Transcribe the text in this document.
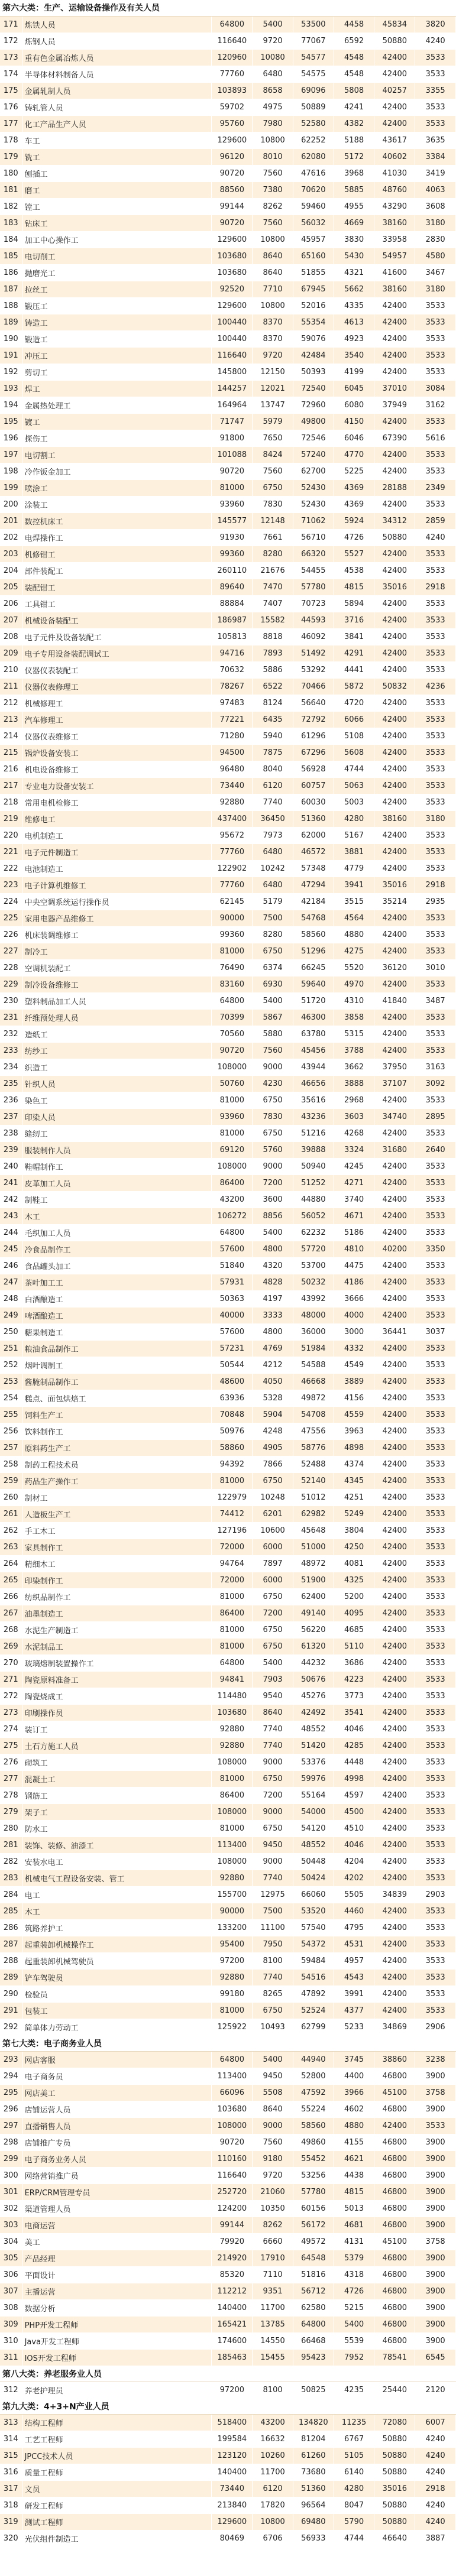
第六大类：生产、运输设备操作及有关人员							
171	炼铁人员	64800	5400	53500	4458	45834	3820
172	炼钢人员	116640	9720	77067	6592	50880	4240
173	重有色金属冶炼人员	120960	10080	54577	4548	42400	3533
174	半导体材料制备人员	77760	6480	54575	4548	42400	3533
175	金属轧制人员	103893	8658	69096	5808	40257	3355
176	铸轧管人员	59702	4975	50889	4241	42400	3533
177	化工产品生产人员	95760	7980	52580	4382	42400	3533
178	车工	129600	10800	62252	5188	43617	3635
179	铣工	96120	8010	62080	5172	40602	3384
180	刨插工	90720	7560	47616	3968	41030	3419
181	磨工	88560	7380	70620	5885	48760	4063
182	镗工	99144	8262	59460	4955	43290	3608
183	钻床工	90720	7560	56032	4669	38160	3180
184	加工中心操作工	129600	10800	45957	3830	33958	2830
185	电切削工	103680	8640	65160	5430	54957	4580
186	抛磨光工	103680	8640	51855	4321	41600	3467
187	拉丝工	92520	7710	67945	5662	38160	3180
188	锻压工	129600	10800	52016	4335	42400	3533
189	铸造工	100440	8370	55354	4613	42400	3533
190	锻造工	100440	8370	59076	4923	42400	3533
191	冲压工	116640	9720	42484	3540	42400	3533
192	剪切工	145800	12150	50393	4199	42400	3533
193	焊工	144257	12021	72540	6045	37010	3084
194	金属热处理工	164964	13747	72960	6080	37949	3162
195	镀工	71747	5979	49800	4150	42400	3533
196	探伤工	91800	7650	72546	6046	67390	5616
197	电切割工	101088	8424	57240	4770	42400	3533
198	冷作钣金加工	90720	7560	62700	5225	42400	3533
199	喷涂工	81000	6750	52430	4369	28188	2349
200	涂装工	93960	7830	52430	4369	42400	3533
201	数控机床工	145577	12148	71062	5924	34312	2859
202	电焊操作工	91930	7661	56710	4726	50880	4240
203	机修钳工	99360	8280	66320	5527	42400	3533
204	部件装配工	260110	21676	54455	4538	42400	3533
205	装配钳工	89640	7470	57780	4815	35016	2918
206	工具钳工	88884	7407	70723	5894	42400	3533
207	机械设备装配工	186987	15582	44593	3716	42400	3533
208	电子元件及设备装配工	105813	8818	46092	3841	42400	3533
209	电子专用设备装配调试工	94716	7893	51492	4291	42400	3533
210	仪器仪表装配工	70632	5886	53292	4441	42400	3533
211	仪器仪表修理工	78267	6522	70466	5872	50832	4236
212	机械修理工	97483	8124	56640	4720	42400	3533
213	汽车修理工	77221	6435	72792	6066	42400	3533
214	仪器仪表维修工	71280	5940	61296	5108	42400	3533
215	锅炉设备安装工	94500	7875	67296	5608	42400	3533
216	机电设备维修工	96480	8040	56928	4744	42400	3533
217	专业电力设备安装工	73440	6120	60757	5063	42400	3533
218	常用电机检修工	92880	7740	60030	5003	42400	3533
219	维修电工	437400	36450	51360	4280	38160	3180
220	电机制造工	95672	7973	62000	5167	42400	3533
221	电子元件制造工	77760	6480	46572	3881	42400	3533
222	电池制造工	122902	10242	57348	4779	42400	3533
223	电子计算机维修工	77760	6480	47294	3941	35016	2918
224	中央空调系统运行操作员	62145	5179	42184	3515	35214	2935
225	家用电器产品维修工	90000	7500	54768	4564	42400	3533
226	机床装调维修工	99360	8280	58560	4880	42400	3533
227	制冷工	81000	6750	51296	4275	42400	3533
228	空调机装配工	76490	6374	66245	5520	36120	3010
229	制冷设备维修工	83160	6930	59640	4970	42400	3533
230	塑料制品加工人员	64800	5400	51720	4310	41840	3487
231	纤维预处理人员	70399	5867	46300	3858	42400	3533
232	造纸工	70560	5880	63780	5315	42400	3533
233	纺纱工	90720	7560	45456	3788	42400	3533
234	织造工	108000	9000	43944	3662	37950	3163
235	针织人员	50760	4230	46656	3888	37107	3092
236	染色工	81000	6750	35616	2968	42400	3533
237	印染人员	93960	7830	43236	3603	34740	2895
238	缝纫工	81000	6750	51216	4268	42400	3533
239	服装制作人员	69120	5760	39888	3324	31680	2640
240	鞋帽制作工	108000	9000	50940	4245	42400	3533
241	皮革加工人员	86400	7200	51252	4271	42400	3533
242	制鞋工	43200	3600	44880	3740	42400	3533
243	木工	106272	8856	56052	4671	42400	3533
244	毛织加工人员	64800	5400	62232	5186	42400	3533
245	冷食品制作工	57600	4800	57720	4810	40200	3350
246	食品罐头加工	51840	4320	53700	4475	42400	3533
247	茶叶加工工	57931	4828	50232	4186	42400	3533
248	白酒酿造工	50363	4197	43992	3666	42400	3533
249	啤酒酿造工	40000	3333	48000	4000	42400	3533
250	糖果制造工	57600	4800	36000	3000	36441	3037
251	粮油食品制作工	57231	4769	51984	4332	42400	3533
252	烟叶调制工	50544	4212	54588	4549	42400	3533
253	酱腌制品制作工	48600	4050	46668	3889	42400	3533
254	糕点、面包烘焙工	63936	5328	49872	4156	42400	3533
255	饲料生产工	70848	5904	54708	4559	42400	3533
256	饮料制作工	50976	4248	47556	3963	42400	3533
257	原料药生产工	58860	4905	58776	4898	42400	3533
258	制药工程技术员	94392	7866	52488	4374	42400	3533
259	药品生产操作工	81000	6750	52140	4345	42400	3533
260	制材工	122979	10248	51012	4251	42400	3533
261	人造板生产工	74412	6201	62982	5249	42400	3533
262	手工木工	127196	10600	45648	3804	42400	3533
263	家具制作工	72000	6000	51000	4250	42400	3533
264	精细木工	94764	7897	48972	4081	42400	3533
265	印染制作工	72000	6000	51900	4325	42400	3533
266	纺织品制作工	81000	6750	62400	5200	42400	3533
267	油墨制造工	86400	7200	49140	4095	42400	3533
268	水泥生产制造工	81000	6750	56220	4685	42400	3533
269	水泥制品工	81000	6750	61320	5110	42400	3533
270	玻璃熔制装置操作工	64800	5400	44232	3686	42400	3533
271	陶瓷原料准备工	94841	7903	50676	4223	42400	3533
272	陶瓷烧成工	114480	9540	45276	3773	42400	3533
273	印刷操作员	103680	8640	42492	3541	42400	3533
274	装订工	92880	7740	48552	4046	42400	3533
275	土石方施工人员	92880	7740	51420	4285	42400	3533
276	砌筑工	108000	9000	53376	4448	42400	3533
277	混凝土工	81000	6750	59976	4998	42400	3533
278	钢筋工	86400	7200	55164	4597	42400	3533
279	架子工	108000	9000	54000	4500	42400	3533
280	防水工	81000	6750	54120	4510	42400	3533
281	装饰、装修、油漆工	113400	9450	48552	4046	42400	3533
282	安装水电工	108000	9000	50448	4204	42400	3533
283	机械电气工程设备安装、管工	92880	7740	50424	4202	42400	3533
284	电工	155700	12975	66060	5505	34839	2903
285	木工	90000	7500	53520	4460	42400	3533
286	筑路养护工	133200	11100	57540	4795	42400	3533
287	起重装卸机械操作工	95400	7950	54372	4531	42400	3533
288	起重装卸机械驾驶员	97200	8100	59484	4957	42400	3533
289	铲车驾驶员	92880	7740	54516	4543	42400	3533
290	检验员	99180	8265	47892	3991	42400	3533
291	包装工	81000	6750	52524	4377	42400	3533
292	简单体力劳动工	125922	10493	62799	5233	34869	2906
第七大类：电子商务业人员							
293	网店客服	64800	5400	44940	3745	38860	3238
294	电子商务员	113400	9450	52800	4400	46800	3900
295	网店美工	66096	5508	47592	3966	45100	3758
296	店铺运营人员	103680	8640	55224	4602	46800	3900
297	直播销售人员	108000	9000	58560	4880	42400	3533
298	店铺推广专员	90720	7560	49860	4155	46800	3900
299	电子商务业务人员	110160	9180	55452	4621	46800	3900
300	网络营销推广员	116640	9720	53256	4438	46800	3900
301	ERP/CRM管理专员	252720	21060	57780	4815	46800	3900
302	渠道管理人员	124200	10350	60156	5013	46800	3900
303	电商运营	99144	8262	56172	4681	46800	3900
304	美工	79920	6660	49572	4131	45100	3758
305	产品经理	214920	17910	64548	5379	46800	3900
306	平面设计	85320	7110	51816	4318	46800	3900
307	主播运营	112212	9351	56712	4726	46800	3900
308	数据分析	140400	11700	62580	5215	46800	3900
309	PHP开发工程师	165421	13785	64800	5400	46800	3900
310	Java开发工程师	174600	14550	66468	5539	46800	3900
311	IOS开发工程师	185463	15455	95423	7952	78541	6545
第八大类：养老服务业人员							
312	养老护理员	97200	8100	50825	4235	25440	2120
第九大类：4+3+N产业人员							
313	结构工程师	518400	43200	134820	11235	72080	6007
314	工艺工程师	199584	16632	81204	6767	50880	4240
315	JPCC技术人员	123120	10260	61260	5105	50880	4240
316	质量工程师	140400	11700	73680	6140	50880	4240
317	文员	73440	6120	51360	4280	35016	2918
318	研发工程师	213840	17820	96564	8047	50880	4240
319	测试工程师	129600	10800	69480	5790	50880	4240
320	光伏组件制造工	80469	6706	56933	4744	46640	3887
